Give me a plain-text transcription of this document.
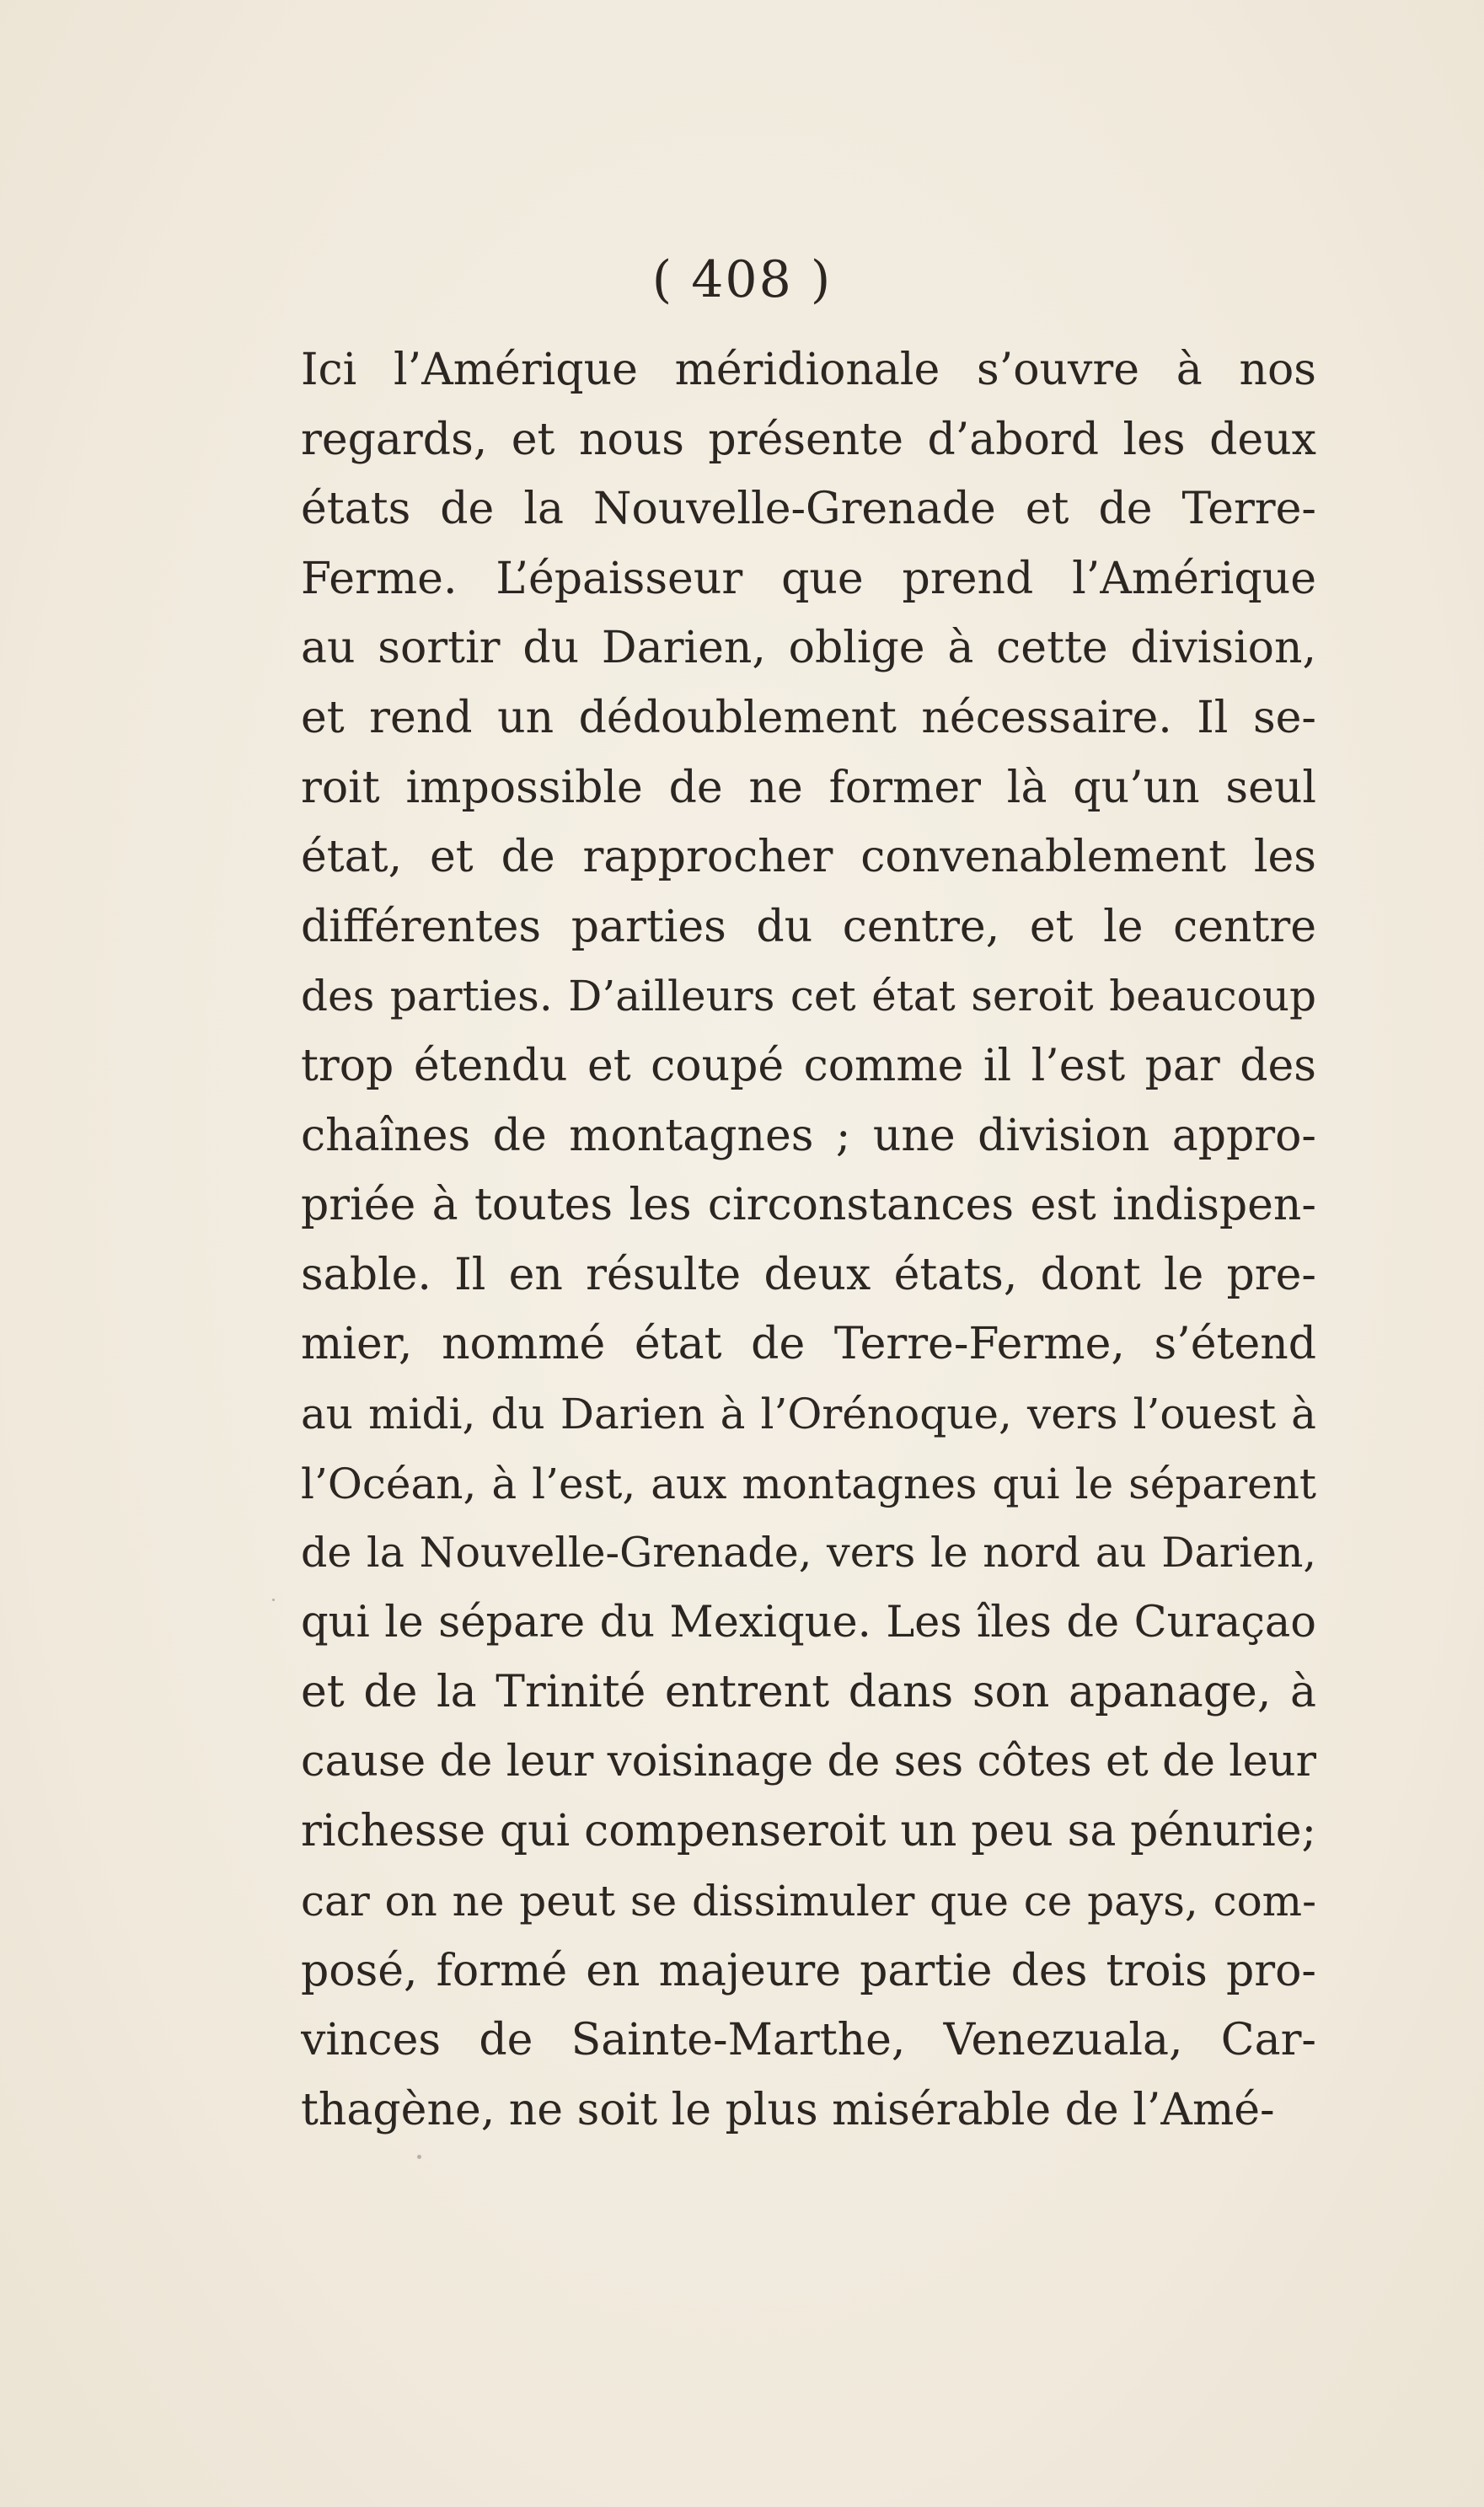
( 408 )
Ici l’Amérique méridionale s’ouvre à nos
regards, et nous présente d’abord les deux
états de la Nouvelle-Grenade et de Terre-
Ferme. L’épaisseur que prend l’Amérique
au sortir du Darien, oblige à cette division,
et rend un dédoublement nécessaire. Il se-
roit impossible de ne former là qu’un seul
état, et de rapprocher convenablement les
différentes parties du centre, et le centre
des parties. D’ailleurs cet état seroit beaucoup
trop étendu et coupé comme il l’est par des
chaînes de montagnes ; une division appro-
priée à toutes les circonstances est indispen-
sable. Il en résulte deux états, dont le pre-
mier, nommé état de Terre-Ferme, s’étend
au midi, du Darien à l’Orénoque, vers l’ouest à
l’Océan, à l’est, aux montagnes qui le séparent
de la Nouvelle-Grenade, vers le nord au Darien,
qui le sépare du Mexique. Les îles de Curaçao
et de la Trinité entrent dans son apanage, à
cause de leur voisinage de ses côtes et de leur
richesse qui compenseroit un peu sa pénurie;
car on ne peut se dissimuler que ce pays, com-
posé, formé en majeure partie des trois pro-
vinces de Sainte-Marthe, Venezuala, Car-
thagène, ne soit le plus misérable de l’Amé-
